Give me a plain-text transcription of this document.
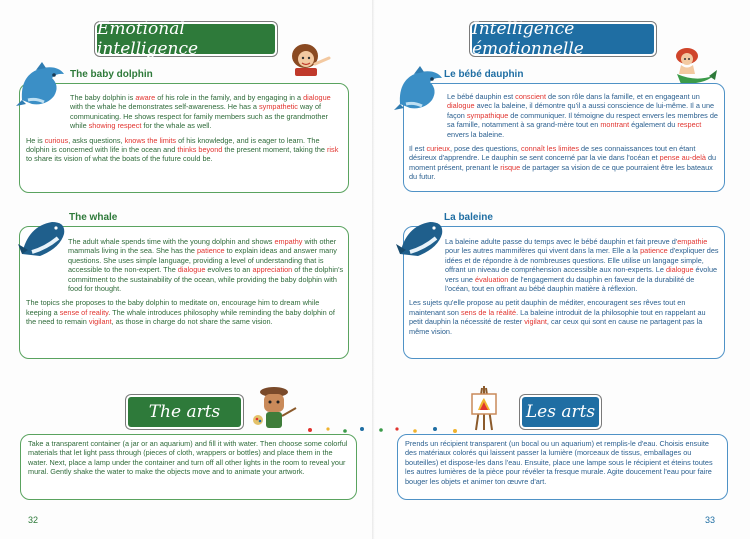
Emotional intelligence
The baby dolphin

The baby dolphin is aware of his role in the family, and by engaging in a dialogue with the whale he demonstrates self-awareness. He has a sympathetic way of communicating. He shows respect for family members such as the grandmother while showing respect for the whale as well.

He is curious, asks questions, knows the limits of his knowledge, and is eager to learn. The dolphin is concerned with life in the ocean and thinks beyond the present moment, taking the risk to share its vision of what the boats of the future could be.

The whale

The adult whale spends time with the young dolphin and shows empathy with other mammals living in the sea. She has the patience to explain ideas and answer many questions. She uses simple language, providing a level of understanding that is accessible to the non-expert. The dialogue evolves to an appreciation of the dolphin's commitment to the sustainability of the ocean, while providing the baby dolphin with food for thought.

The topics she proposes to the baby dolphin to meditate on, encourage him to dream while keeping a sense of reality. The whale introduces philosophy while reminding the baby dolphin of the need to remain vigilant, as those in charge do not share the same vision.

The arts
Take a transparent container (a jar or an aquarium) and fill it with water. Then choose some colorful materials that let light pass through (pieces of cloth, wrappers or bottles) and place them in the water. Next, place a lamp under the container and turn off all other lights in the room to reveal your mural. Gently shake the water to make the objects move and to animate your artwork.
32
Intelligence émotionnelle
Le bébé dauphin

Le bébé dauphin est conscient de son rôle dans la famille, et en engageant un dialogue avec la baleine, il démontre qu'il a aussi conscience de lui-même. Il a une façon sympathique de communiquer. Il témoigne du respect envers les membres de sa famille, notamment à sa grand-mère tout en montrant également du respect envers la baleine.

Il est curieux, pose des questions, connaît les limites de ses connaissances tout en étant désireux d'apprendre. Le dauphin se sent concerné par la vie dans l'océan et pense au-delà du moment présent, prenant le risque de partager sa vision de ce que pourraient être les bateaux du futur.

La baleine

La baleine adulte passe du temps avec le bébé dauphin et fait preuve d'empathie pour les autres mammifères qui vivent dans la mer. Elle a la patience d'expliquer des idées et de répondre à de nombreuses questions. Elle utilise un langage simple, offrant un niveau de compréhension accessible aux non-experts. Le dialogue évolue vers une évaluation de l'engagement du dauphin en faveur de la durabilité de l'océan, tout en offrant au bébé dauphin matière à réflexion.

Les sujets qu'elle propose au petit dauphin de méditer, encouragent ses rêves tout en maintenant son sens de la réalité. La baleine introduit de la philosophie tout en rappelant au petit dauphin la nécessité de rester vigilant, car ceux qui sont en cause ne partagent pas la même vision.

Les arts
Prends un récipient transparent (un bocal ou un aquarium) et remplis-le d'eau. Choisis ensuite des matériaux colorés qui laissent passer la lumière (morceaux de tissus, emballages ou bouteilles) et dispose-les dans l'eau. Ensuite, place une lampe sous le récipient et éteins toutes les autres lumières de la pièce pour révéler ta fresque murale. Agite doucement l'eau pour faire bouger les objets et animer ton œuvre d'art.
33
